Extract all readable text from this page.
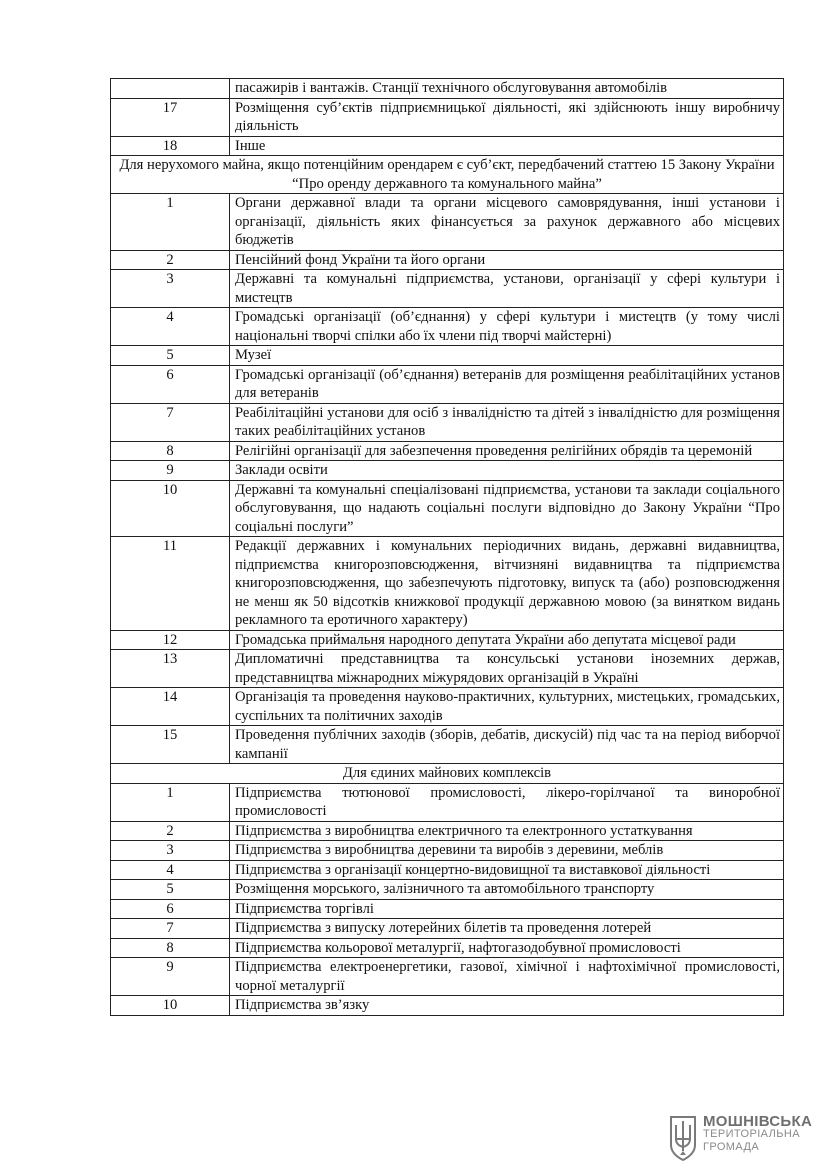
	пасажирів і вантажів. Станції технічного обслуговування автомобілів
17	Розміщення суб’єктів підприємницької діяльності, які здійснюють іншу виробничу діяльність
18	Інше
Для нерухомого майна, якщо потенційним орендарем є суб’єкт, передбачений статтею 15 Закону України “Про оренду державного та комунального майна”	
1	Органи державної влади та органи місцевого самоврядування, інші установи і організації, діяльність яких фінансується за рахунок державного або місцевих бюджетів
2	Пенсійний фонд України та його органи
3	Державні та комунальні підприємства, установи, організації у сфері культури і мистецтв
4	Громадські організації (об’єднання) у сфері культури і мистецтв (у тому числі національні творчі спілки або їх члени під творчі майстерні)
5	Музеї
6	Громадські організації (об’єднання) ветеранів для розміщення реабілітаційних установ для ветеранів
7	Реабілітаційні установи для осіб з інвалідністю та дітей з інвалідністю для розміщення таких реабілітаційних установ
8	Релігійні організації для забезпечення проведення релігійних обрядів та церемоній
9	Заклади освіти
10	Державні та комунальні спеціалізовані підприємства, установи та заклади соціального обслуговування, що надають соціальні послуги відповідно до Закону України “Про соціальні послуги”
11	Редакції державних і комунальних періодичних видань, державні видавництва, підприємства книгорозповсюдження, вітчизняні видавництва та підприємства книгорозповсюдження, що забезпечують підготовку, випуск та (або) розповсюдження не менш як 50 відсотків книжкової продукції державною мовою (за винятком видань рекламного та еротичного характеру)
12	Громадська приймальня народного депутата України або депутата місцевої ради
13	Дипломатичні представництва та консульські установи іноземних держав, представництва міжнародних міжурядових організацій в Україні
14	Організація та проведення науково-практичних, культурних, мистецьких, громадських, суспільних та політичних заходів
15	Проведення публічних заходів (зборів, дебатів, дискусій) під час та на період виборчої кампанії
Для єдиних майнових комплексів	
1	Підприємства тютюнової промисловості, лікеро-горілчаної та виноробної промисловості
2	Підприємства з виробництва електричного та електронного устаткування
3	Підприємства з виробництва деревини та виробів з деревини, меблів
4	Підприємства з організації концертно-видовищної та виставкової діяльності
5	Розміщення морського, залізничного та автомобільного транспорту
6	Підприємства торгівлі
7	Підприємства з випуску лотерейних білетів та проведення лотерей
8	Підприємства кольорової металургії, нафтогазодобувної промисловості
9	Підприємства електроенергетики, газової, хімічної і нафтохімічної промисловості, чорної металургії
10	Підприємства зв’язку
МОШНІВСЬКА
ТЕРИТОРІАЛЬНА
ГРОМАДА
